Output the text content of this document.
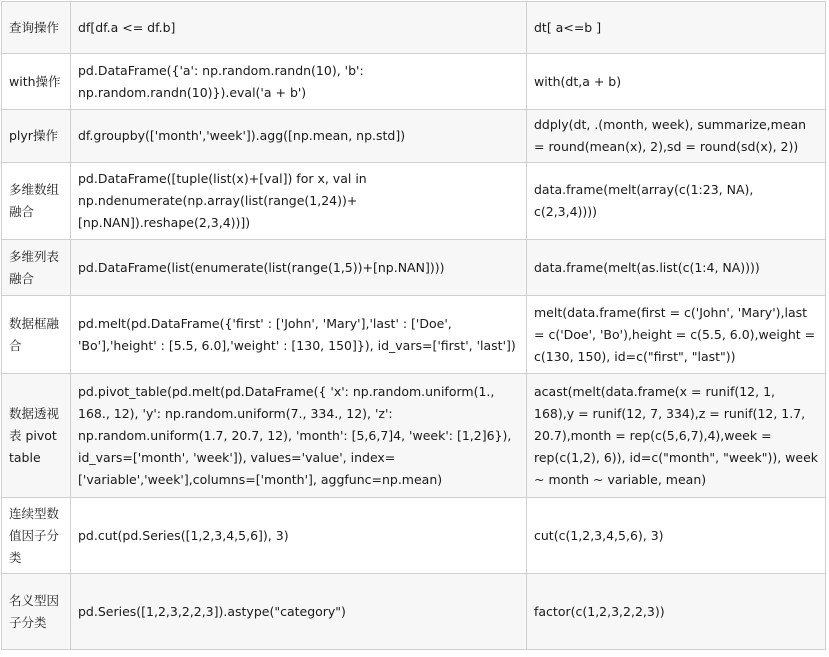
查询操作	df[df.a <= df.b]	dt[ a<=b ]
with操作	pd.DataFrame({'a': np.random.randn(10), 'b': np.random.randn(10)}).eval('a + b')	with(dt,a + b)
plyr操作	df.groupby(['month','week']).agg([np.mean, np.std])	ddply(dt, .(month, week), summarize,mean = round(mean(x), 2),sd = round(sd(x), 2))
多维数组融合	pd.DataFrame([tuple(list(x)+[val]) for x, val in np.ndenumerate(np.array(list(range(1,24))+[np.NAN]).reshape(2,3,4))])	data.frame(melt(array(c(1:23, NA), c(2,3,4))))
多维列表融合	pd.DataFrame(list(enumerate(list(range(1,5))+[np.NAN])))	data.frame(melt(as.list(c(1:4, NA))))
数据框融合	pd.melt(pd.DataFrame({'first' : ['John', 'Mary'],'last' : ['Doe', 'Bo'],'height' : [5.5, 6.0],'weight' : [130, 150]}), id_vars=['first', 'last'])	melt(data.frame(first = c('John', 'Mary'),last = c('Doe', 'Bo'),height = c(5.5, 6.0),weight = c(130, 150), id=c("first", "last"))
数据透视表 pivot table	pd.pivot_table(pd.melt(pd.DataFrame({ 'x': np.random.uniform(1., 168., 12), 'y': np.random.uniform(7., 334., 12), 'z': np.random.uniform(1.7, 20.7, 12), 'month': [5,6,7]4, 'week': [1,2]6}), id_vars=['month', 'week']), values='value', index=['variable','week'],columns=['month'], aggfunc=np.mean)	acast(melt(data.frame(x = runif(12, 1, 168),y = runif(12, 7, 334),z = runif(12, 1.7, 20.7),month = rep(c(5,6,7),4),week = rep(c(1,2), 6)), id=c("month", "week")), week ~ month ~ variable, mean)
连续型数值因子分类	pd.cut(pd.Series([1,2,3,4,5,6]), 3)	cut(c(1,2,3,4,5,6), 3)
名义型因子分类	pd.Series([1,2,3,2,2,3]).astype("category")	factor(c(1,2,3,2,2,3))
